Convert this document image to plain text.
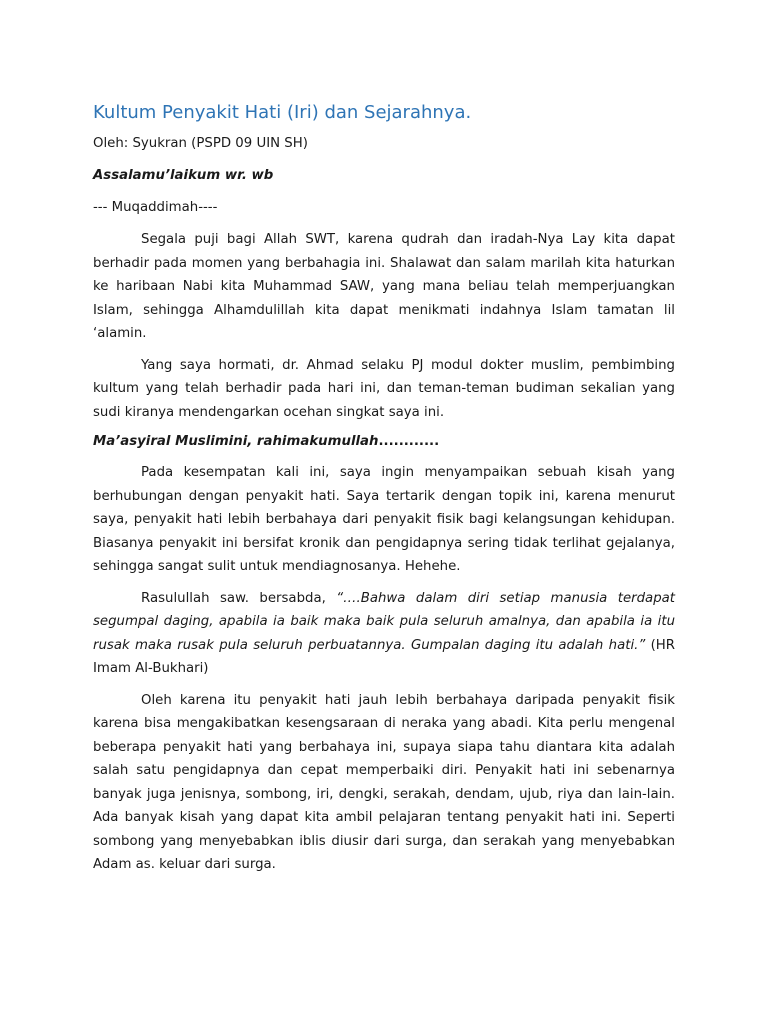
Kultum Penyakit Hati (Iri) dan Sejarahnya.

Oleh: Syukran (PSPD 09 UIN SH)

Assalamu’laikum wr. wb

--- Muqaddimah----

Segala puji bagi Allah SWT, karena qudrah dan iradah-Nya Lay kita dapat berhadir pada momen yang berbahagia ini. Shalawat dan salam marilah kita haturkan ke haribaan Nabi kita Muhammad SAW, yang mana beliau telah memperjuangkan Islam, sehingga Alhamdulillah kita dapat menikmati indahnya Islam tamatan lil ‘alamin.

Yang saya hormati, dr. Ahmad selaku PJ modul dokter muslim, pembimbing kultum yang telah berhadir pada hari ini, dan teman-teman budiman sekalian yang sudi kiranya mendengarkan ocehan singkat saya ini.

Ma’asyiral Muslimini, rahimakumullah............

Pada kesempatan kali ini, saya ingin menyampaikan sebuah kisah yang berhubungan dengan penyakit hati. Saya tertarik dengan topik ini, karena menurut saya, penyakit hati lebih berbahaya dari penyakit fisik bagi kelangsungan kehidupan. Biasanya penyakit ini bersifat kronik dan pengidapnya sering tidak terlihat gejalanya, sehingga sangat sulit untuk mendiagnosanya. Hehehe.

Rasulullah saw. bersabda, “….Bahwa dalam diri setiap manusia terdapat segumpal daging, apabila ia baik maka baik pula seluruh amalnya, dan apabila ia itu rusak maka rusak pula seluruh perbuatannya. Gumpalan daging itu adalah hati.” (HR Imam Al-Bukhari)

Oleh karena itu penyakit hati jauh lebih berbahaya daripada penyakit fisik karena bisa mengakibatkan kesengsaraan di neraka yang abadi. Kita perlu mengenal beberapa penyakit hati yang berbahaya ini, supaya siapa tahu diantara kita adalah salah satu pengidapnya dan cepat memperbaiki diri. Penyakit hati ini sebenarnya banyak juga jenisnya, sombong, iri, dengki, serakah, dendam, ujub, riya dan lain-lain. Ada banyak kisah yang dapat kita ambil pelajaran tentang penyakit hati ini. Seperti sombong yang menyebabkan iblis diusir dari surga, dan serakah yang menyebabkan Adam as. keluar dari surga.
